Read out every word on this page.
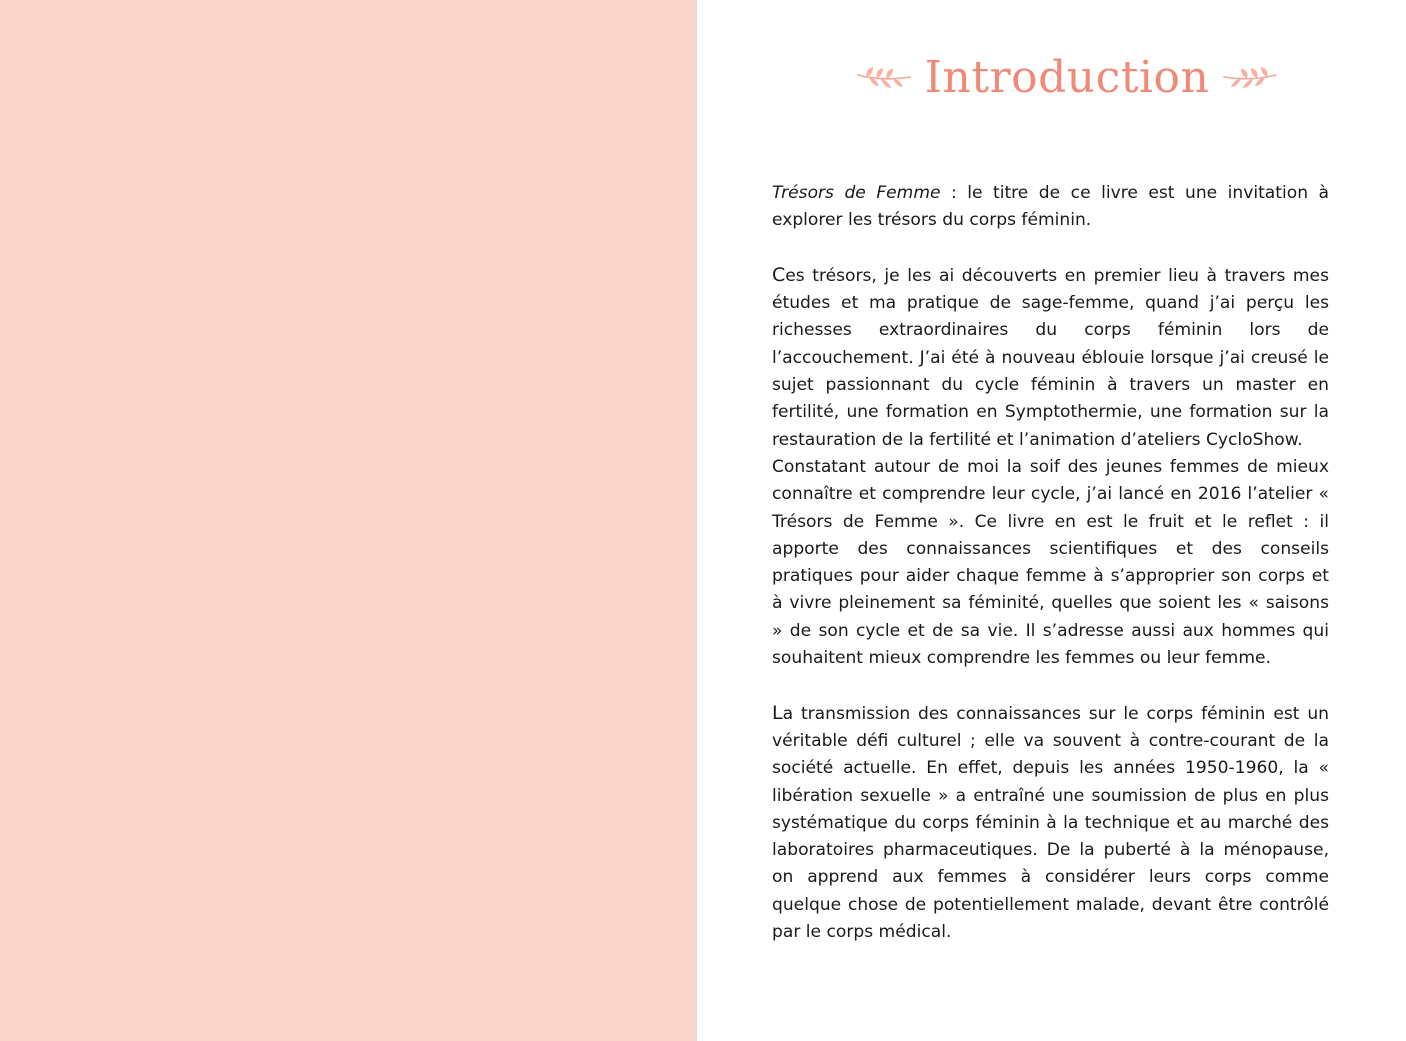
Introduction

Trésors de Femme : le titre de ce livre est une invitation à explorer les trésors du corps féminin.

Ces trésors, je les ai découverts en premier lieu à travers mes études et ma pratique de sage-femme, quand j’ai perçu les richesses extraordinaires du corps féminin lors de l’accouchement. J’ai été à nouveau éblouie lorsque j’ai creusé le sujet passionnant du cycle féminin à travers un master en fertilité, une formation en Symptothermie, une formation sur la restauration de la fertilité et l’animation d’ateliers CycloShow.

Constatant autour de moi la soif des jeunes femmes de mieux connaître et comprendre leur cycle, j’ai lancé en 2016 l’atelier « Trésors de Femme ». Ce livre en est le fruit et le reflet : il apporte des connaissances scientifiques et des conseils pratiques pour aider chaque femme à s’approprier son corps et à vivre pleinement sa féminité, quelles que soient les « saisons » de son cycle et de sa vie. Il s’adresse aussi aux hommes qui souhaitent mieux comprendre les femmes ou leur femme.

La transmission des connaissances sur le corps féminin est un véritable défi culturel ; elle va souvent à contre-courant de la société actuelle. En effet, depuis les années 1950-1960, la « libération sexuelle » a entraîné une soumission de plus en plus systématique du corps féminin à la technique et au marché des laboratoires pharmaceutiques. De la puberté à la ménopause, on apprend aux femmes à considérer leurs corps comme quelque chose de potentiellement malade, devant être contrôlé par le corps médical.
